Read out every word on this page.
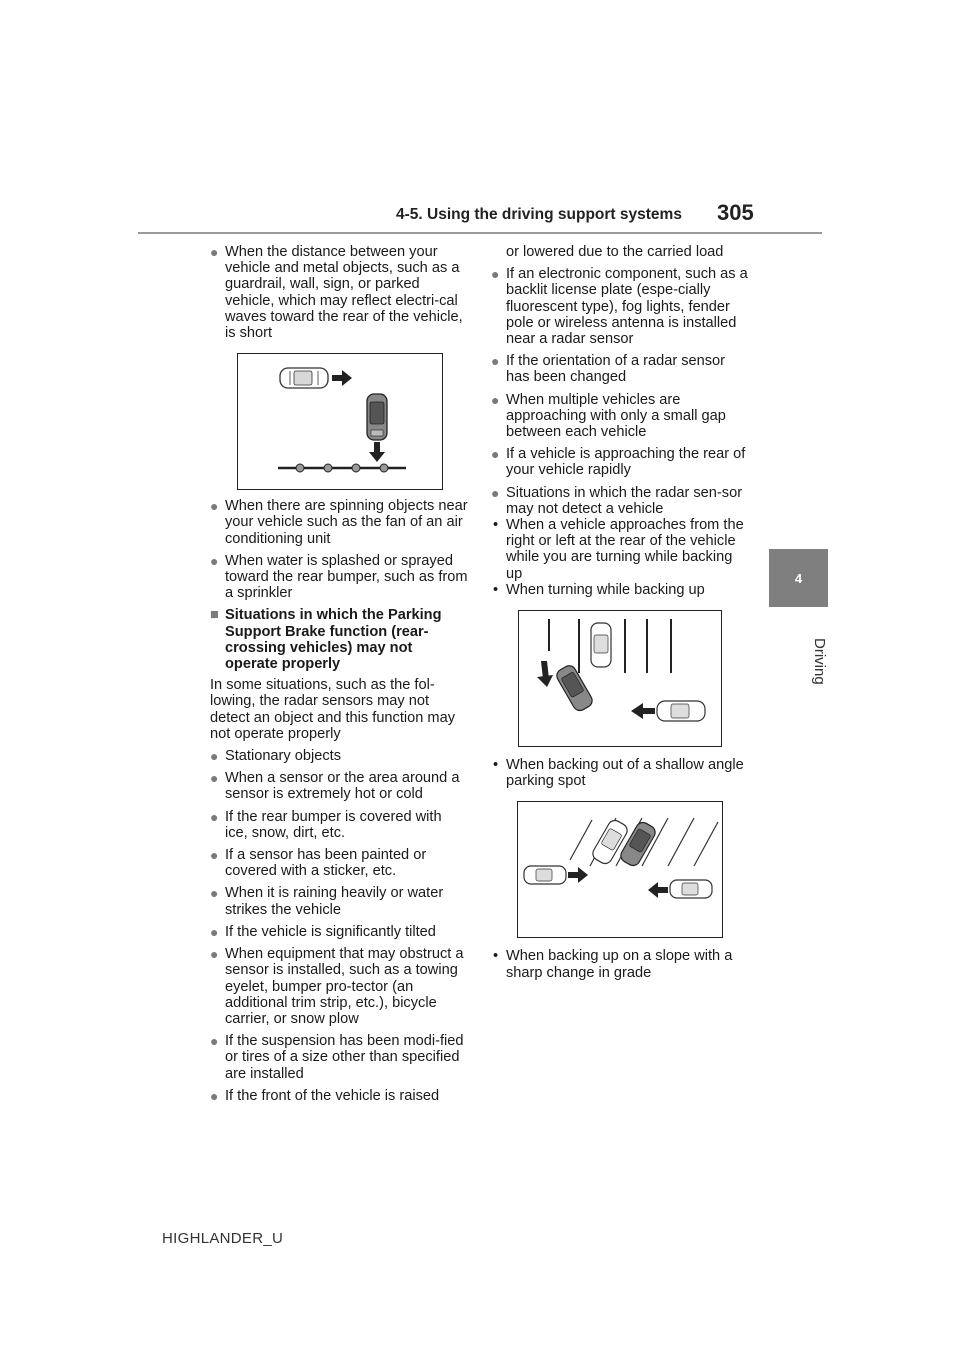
4-5. Using the driving support systems 305
4
Driving
● When the distance between your vehicle and metal objects, such as a guardrail, wall, sign, or parked vehicle, which may reflect electri-cal waves toward the rear of the vehicle, is short
● When there are spinning objects near your vehicle such as the fan of an air conditioning unit
● When water is splashed or sprayed toward the rear bumper, such as from a sprinkler
■ Situations in which the Parking Support Brake function (rear-crossing vehicles) may not operate properly
In some situations, such as the fol-lowing, the radar sensors may not detect an object and this function may not operate properly
● Stationary objects
● When a sensor or the area around a sensor is extremely hot or cold
● If the rear bumper is covered with ice, snow, dirt, etc.
● If a sensor has been painted or covered with a sticker, etc.
● When it is raining heavily or water strikes the vehicle
● If the vehicle is significantly tilted
● When equipment that may obstruct a sensor is installed, such as a towing eyelet, bumper pro-tector (an additional trim strip, etc.), bicycle carrier, or snow plow
● If the suspension has been modi-fied or tires of a size other than specified are installed
● If the front of the vehicle is raised
or lowered due to the carried load
● If an electronic component, such as a backlit license plate (espe-cially fluorescent type), fog lights, fender pole or wireless antenna is installed near a radar sensor
● If the orientation of a radar sensor has been changed
● When multiple vehicles are approaching with only a small gap between each vehicle
● If a vehicle is approaching the rear of your vehicle rapidly
● Situations in which the radar sen-sor may not detect a vehicle
• When a vehicle approaches from the right or left at the rear of the vehicle while you are turning while backing up
• When turning while backing up
• When backing out of a shallow angle parking spot
• When backing up on a slope with a sharp change in grade
HIGHLANDER_U
